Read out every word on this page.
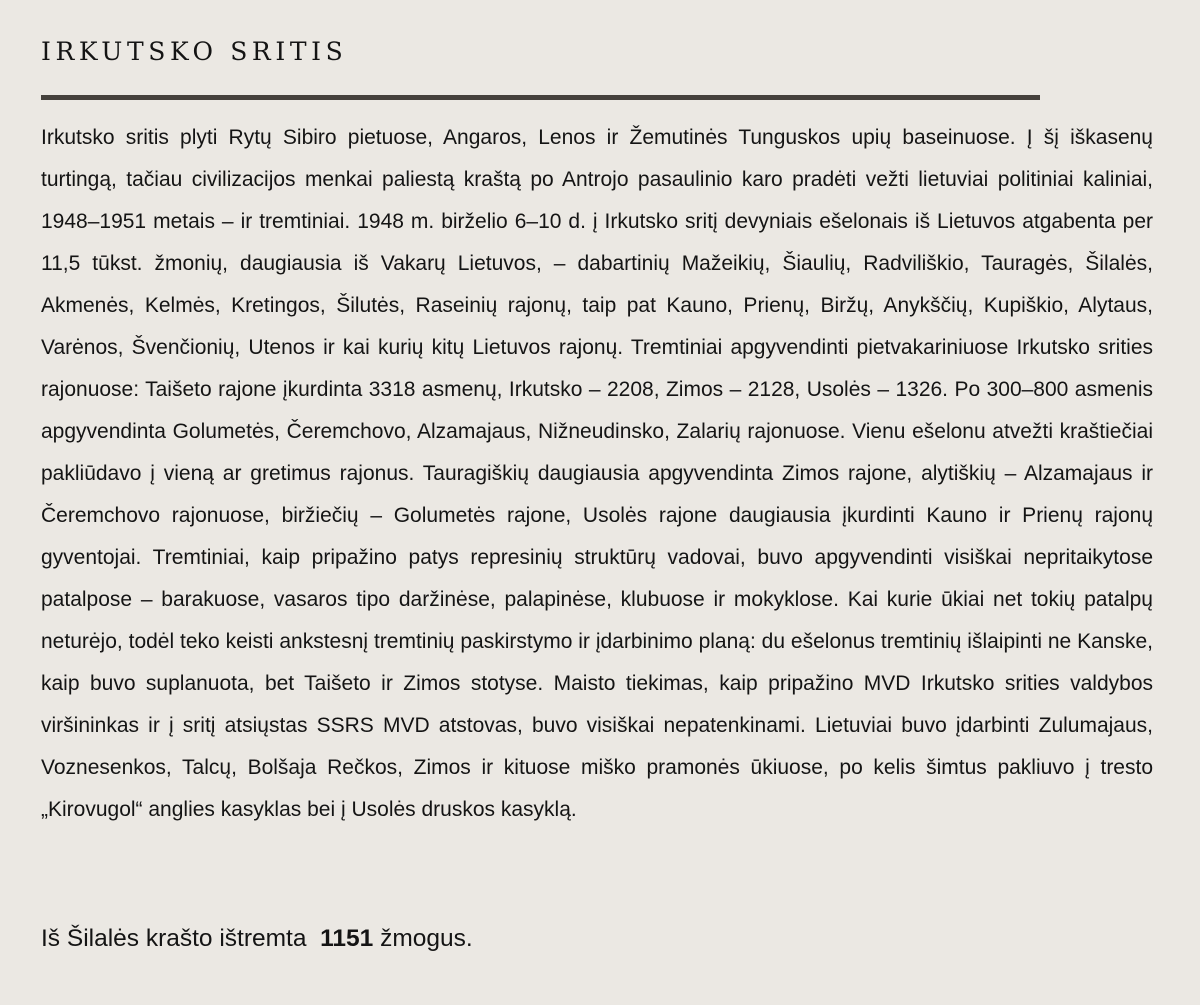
IRKUTSKO SRITIS

Irkutsko sritis plyti Rytų Sibiro pietuose, Angaros, Lenos ir Žemutinės Tunguskos upių baseinuose. Į šį iškasenų turtingą, tačiau civilizacijos menkai paliestą kraštą po Antrojo pasaulinio karo pradėti vežti lietuviai politiniai kaliniai, 1948–1951 metais – ir tremtiniai. 1948 m. birželio 6–10 d. į Irkutsko sritį devyniais ešelonais iš Lietuvos atgabenta per 11,5 tūkst. žmonių, daugiausia iš Vakarų Lietuvos, – dabartinių Mažeikių, Šiaulių, Radviliškio, Tauragės, Šilalės, Akmenės, Kelmės, Kretingos, Šilutės, Raseinių rajonų, taip pat Kauno, Prienų, Biržų, Anykščių, Kupiškio, Alytaus, Varėnos, Švenčionių, Utenos ir kai kurių kitų Lietuvos rajonų. Tremtiniai apgyvendinti pietvakariniuose Irkutsko srities rajonuose: Taišeto rajone įkurdinta 3318 asmenų, Irkutsko – 2208, Zimos – 2128, Usolės – 1326. Po 300–800 asmenis apgyvendinta Golumetės, Čeremchovo, Alzamajaus, Nižneudinsko, Zalarių rajonuose. Vienu ešelonu atvežti kraštiečiai pakliūdavo į vieną ar gretimus rajonus. Tauragiškių daugiausia apgyvendinta Zimos rajone, alytiškių – Alzamajaus ir Čeremchovo rajonuose, biržiečių – Golumetės rajone, Usolės rajone daugiausia įkurdinti Kauno ir Prienų rajonų gyventojai. Tremtiniai, kaip pripažino patys represinių struktūrų vadovai, buvo apgyvendinti visiškai nepritaikytose patalpose – barakuose, vasaros tipo daržinėse, palapinėse, klubuose ir mokyklose. Kai kurie ūkiai net tokių patalpų neturėjo, todėl teko keisti ankstesnį tremtinių paskirstymo ir įdarbinimo planą: du ešelonus tremtinių išlaipinti ne Kanske, kaip buvo suplanuota, bet Taišeto ir Zimos stotyse. Maisto tiekimas, kaip pripažino MVD Irkutsko srities valdybos viršininkas ir į sritį atsiųstas SSRS MVD atstovas, buvo visiškai nepatenkinami. Lietuviai buvo įdarbinti Zulumajaus, Voznesenkos, Talcų, Bolšaja Rečkos, Zimos ir kituose miško pramonės ūkiuose, po kelis šimtus pakliuvo į tresto „Kirovugol“ anglies kasyklas bei į Usolės druskos kasyklą.

Iš Šilalės krašto ištremta 1151 žmogus.
